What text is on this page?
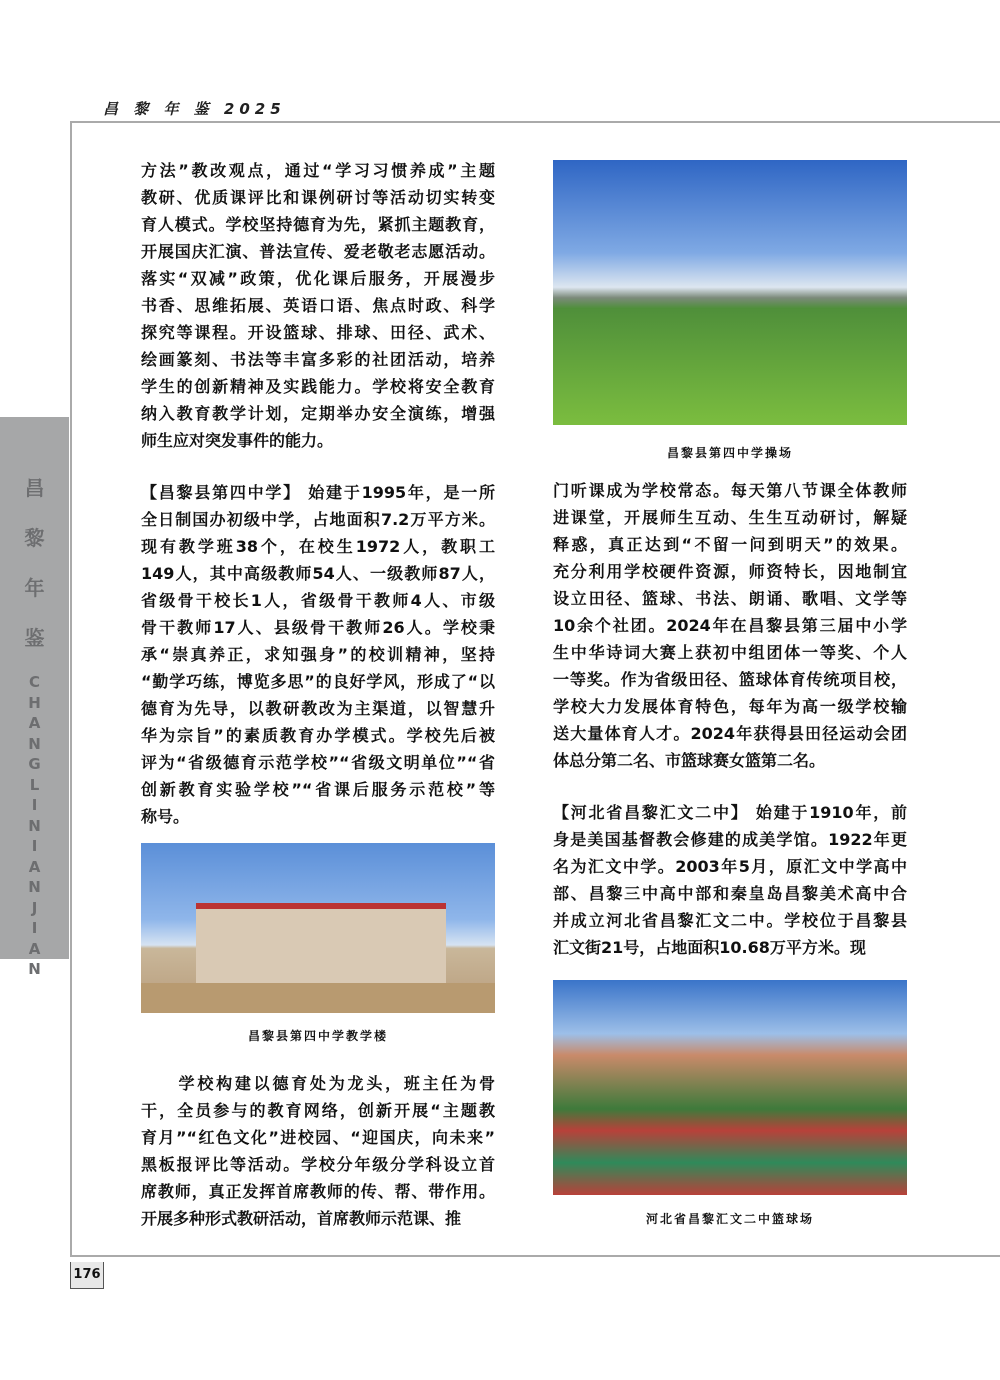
昌 黎 年 鉴 2025
昌
黎
年
鉴
C
H
A
N
G
L
I
N
I
A
N
J
I
A
N
176
方法”教改观点，通过“学习习惯养成”主题
教研、优质课评比和课例研讨等活动切实转变
育人模式。学校坚持德育为先，紧抓主题教育，
开展国庆汇演、普法宣传、爱老敬老志愿活动。
落实“双减”政策，优化课后服务，开展漫步
书香、思维拓展、英语口语、焦点时政、科学
探究等课程。开设篮球、排球、田径、武术、
绘画篆刻、书法等丰富多彩的社团活动，培养
学生的创新精神及实践能力。学校将安全教育
纳入教育教学计划，定期举办安全演练，增强
师生应对突发事件的能力。
【昌黎县第四中学】 始建于1995年，是一所
全日制国办初级中学，占地面积7.2万平方米。
现有教学班38个，在校生1972人，教职工
149人，其中高级教师54人、一级教师87人，
省级骨干校长1人，省级骨干教师4人、市级
骨干教师17人、县级骨干教师26人。学校秉
承“崇真养正，求知强身”的校训精神，坚持
“勤学巧练，博览多思”的良好学风，形成了“以
德育为先导，以教研教改为主渠道，以智慧升
华为宗旨”的素质教育办学模式。学校先后被
评为“省级德育示范学校”“省级文明单位”“省
创新教育实验学校”“省课后服务示范校”等
称号。
昌黎县第四中学教学楼
　　学校构建以德育处为龙头，班主任为骨
干，全员参与的教育网络，创新开展“主题教
育月”“红色文化”进校园、“迎国庆，向未来”
黑板报评比等活动。学校分年级分学科设立首
席教师，真正发挥首席教师的传、帮、带作用。
开展多种形式教研活动，首席教师示范课、推
昌黎县第四中学操场
门听课成为学校常态。每天第八节课全体教师
进课堂，开展师生互动、生生互动研讨，解疑
释惑，真正达到“不留一问到明天”的效果。
充分利用学校硬件资源，师资特长，因地制宜
设立田径、篮球、书法、朗诵、歌唱、文学等
10余个社团。2024年在昌黎县第三届中小学
生中华诗词大赛上获初中组团体一等奖、个人
一等奖。作为省级田径、篮球体育传统项目校，
学校大力发展体育特色，每年为高一级学校输
送大量体育人才。2024年获得县田径运动会团
体总分第二名、市篮球赛女篮第二名。
【河北省昌黎汇文二中】 始建于1910年，前
身是美国基督教会修建的成美学馆。1922年更
名为汇文中学。2003年5月，原汇文中学高中
部、昌黎三中高中部和秦皇岛昌黎美术高中合
并成立河北省昌黎汇文二中。学校位于昌黎县
汇文街21号，占地面积10.68万平方米。现
河北省昌黎汇文二中篮球场
